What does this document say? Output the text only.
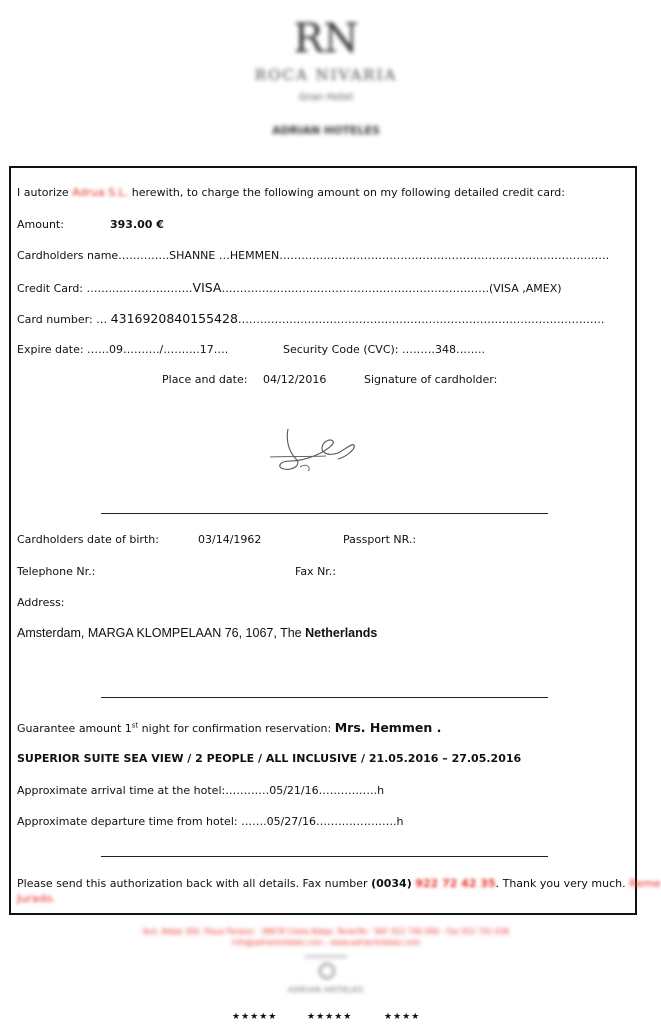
RN
ROCA NIVARIA
Gran Hotel
ADRIAN HOTELES
I autorize Adrua S.L. herewith, to charge the following amount on my following detailed credit card:
Amount:	393.00 €
Cardholders name…………..SHANNE …HEMMEN………………………………………………………………………………
Credit Card: ……..…………………VISA……………………………………………………………….(VISA ,AMEX)
Card number: … 4316920840155428……………………………………………………………………………………….
Expire date: ……09………./……….17….	Security Code (CVC): ………348……..
Place and date: 04/12/2016	Signature of cardholder:
Cardholders date of birth:	03/14/1962	Passport NR.:
Telephone Nr.:	Fax Nr.:
Address:
Amsterdam, MARGA KLOMPELAAN 76, 1067, The Netherlands
Guarantee amount 1st night for confirmation reservation: Mrs. Hemmen .
SUPERIOR SUITE SEA VIEW / 2 PEOPLE / ALL INCLUSIVE / 21.05.2016 – 27.05.2016
Approximate arrival time at the hotel:…………05/21/16…………….h
Approximate departure time from hotel: …….05/27/16………………….h
Please send this authorization back with all details. Fax number (0034) 922 72 42 35. Thank you very much. Reme
Jurado.
Avd. Adeje 300, Playa Paraiso - 38678 Costa Adeje, Tenerife - Telf: 922 740 000 - Fax 922 741 636
info@adrianhoteles.com - www.adrianhoteles.com
ADRIAN HOTELES
★★★★★	★★★★★	★★★★
